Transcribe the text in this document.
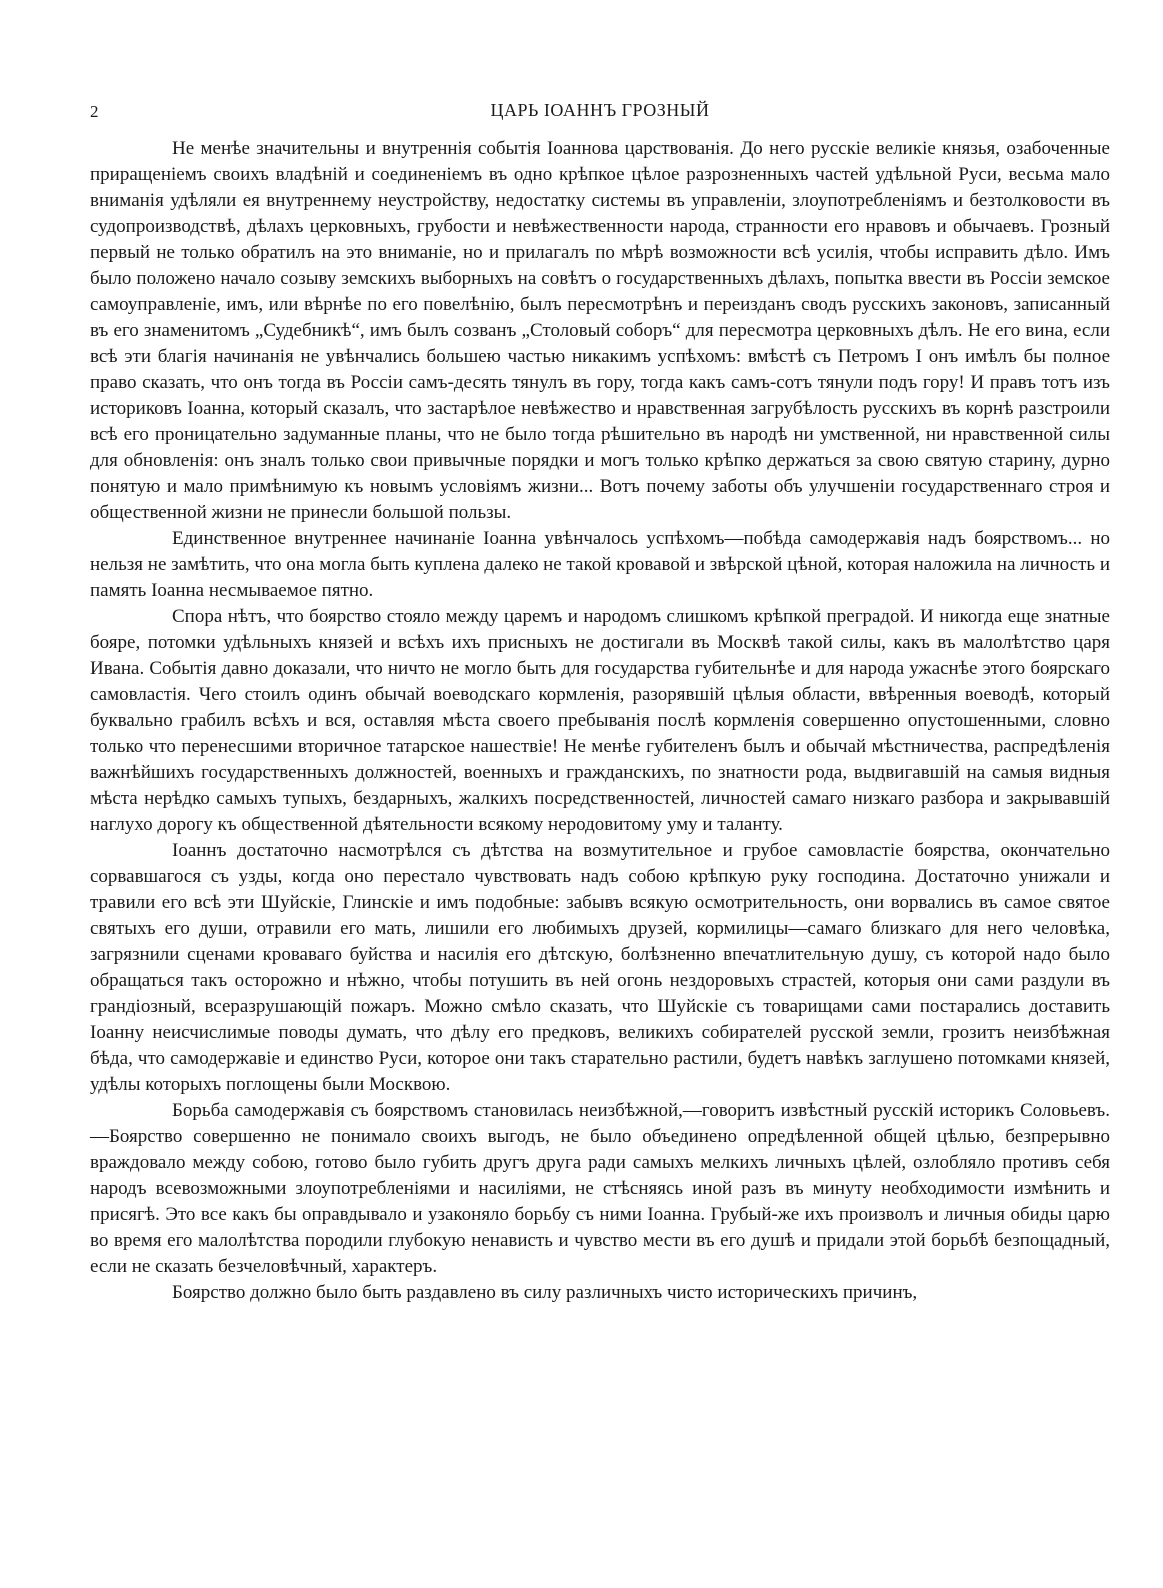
2	ЦАРЬ ІОАННЪ ГРОЗНЫЙ

Не менѣе значительны и внутреннія событія Іоаннова царствованія. До него русскіе великіе князья, озабоченные приращеніемъ своихъ владѣній и соединеніемъ въ одно крѣпкое цѣлое разрозненныхъ частей удѣльной Руси, весьма мало вниманія удѣляли ея внутреннему неустройству, недостатку системы въ управленіи, злоупотребленіямъ и безтолковости въ судопроизводствѣ, дѣлахъ церковныхъ, грубости и невѣжественности народа, странности его нравовъ и обычаевъ. Грозный первый не только обратилъ на это вниманіе, но и прилагалъ по мѣрѣ возможности всѣ усилія, чтобы исправить дѣло. Имъ было положено начало созыву земскихъ выборныхъ на совѣтъ о государственныхъ дѣлахъ, попытка ввести въ Россіи земское самоуправленіе, имъ, или вѣрнѣе по его повелѣнію, былъ пересмотрѣнъ и переизданъ сводъ русскихъ законовъ, записанный въ его знаменитомъ „Судебникѣ“, имъ былъ созванъ „Столовый соборъ“ для пересмотра церковныхъ дѣлъ. Не его вина, если всѣ эти благія начинанія не увѣнчались большею частью никакимъ успѣхомъ: вмѣстѣ съ Петромъ I онъ имѣлъ бы полное право сказать, что онъ тогда въ Россіи самъ-десять тянулъ въ гору, тогда какъ самъ-сотъ тянули подъ гору! И правъ тотъ изъ историковъ Іоанна, который сказалъ, что застарѣлое невѣжество и нравственная загрубѣлость русскихъ въ корнѣ разстроили всѣ его проницательно задуманные планы, что не было тогда рѣшительно въ народѣ ни умственной, ни нравственной силы для обновленія: онъ зналъ только свои привычные порядки и могъ только крѣпко держаться за свою святую старину, дурно понятую и мало примѣнимую къ новымъ условіямъ жизни... Вотъ почему заботы объ улучшеніи государственнаго строя и общественной жизни не принесли большой пользы.

Единственное внутреннее начинаніе Іоанна увѣнчалось успѣхомъ—побѣда самодержавія надъ боярствомъ... но нельзя не замѣтить, что она могла быть куплена далеко не такой кровавой и звѣрской цѣной, которая наложила на личность и память Іоанна несмываемое пятно.

Спора нѣтъ, что боярство стояло между царемъ и народомъ слишкомъ крѣпкой преградой. И никогда еще знатные бояре, потомки удѣльныхъ князей и всѣхъ ихъ присныхъ не достигали въ Москвѣ такой силы, какъ въ малолѣтство царя Ивана. Событія давно доказали, что ничто не могло быть для государства губительнѣе и для народа ужаснѣе этого боярскаго самовластія. Чего стоилъ одинъ обычай воеводскаго кормленія, разорявшій цѣлыя области, ввѣренныя воеводѣ, который буквально грабилъ всѣхъ и вся, оставляя мѣста своего пребыванія послѣ кормленія совершенно опустошенными, словно только что перенесшими вторичное татарское нашествіе! Не менѣе губителенъ былъ и обычай мѣстничества, распредѣленія важнѣйшихъ государственныхъ должностей, военныхъ и гражданскихъ, по знатности рода, выдвигавшій на самыя видныя мѣста нерѣдко самыхъ тупыхъ, бездарныхъ, жалкихъ посредственностей, личностей самаго низкаго разбора и закрывавшій наглухо дорогу къ общественной дѣятельности всякому неродовитому уму и таланту.

Іоаннъ достаточно насмотрѣлся съ дѣтства на возмутительное и грубое самовластіе боярства, окончательно сорвавшагося съ узды, когда оно перестало чувствовать надъ собою крѣпкую руку господина. Достаточно унижали и травили его всѣ эти Шуйскіе, Глинскіе и имъ подобные: забывъ всякую осмотрительность, они ворвались въ самое святое святыхъ его души, отравили его мать, лишили его любимыхъ друзей, кормилицы—самаго близкаго для него человѣка, загрязнили сценами кроваваго буйства и насилія его дѣтскую, болѣзненно впечатлительную душу, съ которой надо было обращаться такъ осторожно и нѣжно, чтобы потушить въ ней огонь нездоровыхъ страстей, которыя они сами раздули въ грандіозный, всеразрушающій пожаръ. Можно смѣло сказать, что Шуйскіе съ товарищами сами постарались доставить Іоанну неисчислимые поводы думать, что дѣлу его предковъ, великихъ собирателей русской земли, грозитъ неизбѣжная бѣда, что самодержавіе и единство Руси, которое они такъ старательно растили, будетъ навѣкъ заглушено потомками князей, удѣлы которыхъ поглощены были Москвою.

Борьба самодержавія съ боярствомъ становилась неизбѣжной,—говоритъ извѣстный русскій историкъ Соловьевъ.—Боярство совершенно не понимало своихъ выгодъ, не было объединено опредѣленной общей цѣлью, безпрерывно враждовало между собою, готово было губить другъ друга ради самыхъ мелкихъ личныхъ цѣлей, озлобляло противъ себя народъ всевозможными злоупотребленіями и насиліями, не стѣсняясь иной разъ въ минуту необходимости измѣнить и присягѣ. Это все какъ бы оправдывало и узаконяло борьбу съ ними Іоанна. Грубый-же ихъ произволъ и личныя обиды царю во время его малолѣтства породили глубокую ненависть и чувство мести въ его душѣ и придали этой борьбѣ безпощадный, если не сказать безчеловѣчный, характеръ.

Боярство должно было быть раздавлено въ силу различныхъ чисто историческихъ причинъ,
